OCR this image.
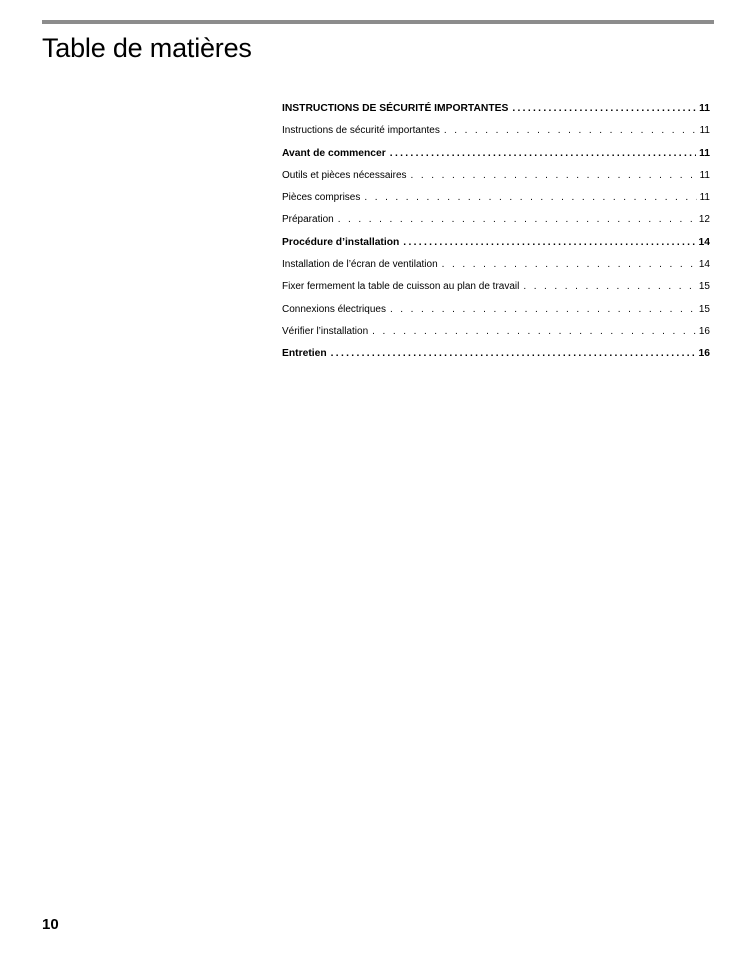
Table de matières
INSTRUCTIONS DE SÉCURITÉ IMPORTANTES .....	11
Instructions de sécurité importantes . . .	11
Avant de commencer .....	11
Outils et pièces nécessaires . . .	11
Pièces comprises . . .	11
Préparation . . .	12
Procédure d’installation .....	14
Installation de l’écran de ventilation . . .	14
Fixer fermement la table de cuisson au plan de travail . . .	15
Connexions électriques . . .	15
Vérifier l’installation . . .	16
Entretien .....	16

10
